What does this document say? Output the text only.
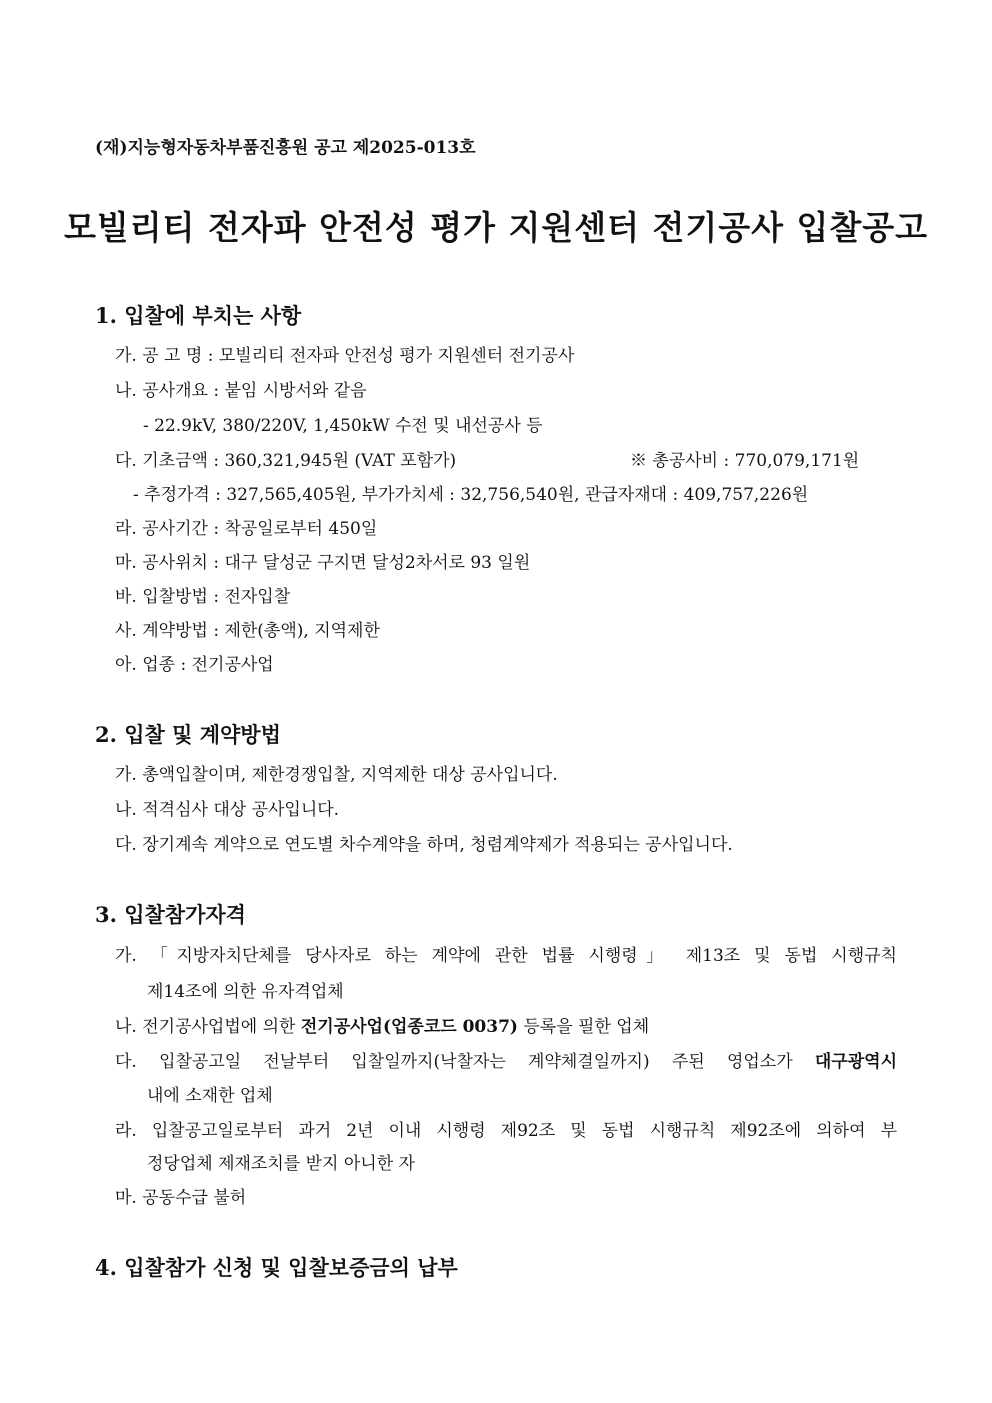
(재)지능형자동차부품진흥원 공고 제2025-013호
모빌리티 전자파 안전성 평가 지원센터 전기공사 입찰공고
1. 입찰에 부치는 사항
가. 공 고 명 : 모빌리티 전자파 안전성 평가 지원센터 전기공사
나. 공사개요 : 붙임 시방서와 같음
- 22.9kV, 380/220V, 1,450kW 수전 및 내선공사 등
다. 기초금액 : 360,321,945원 (VAT 포함가)	※ 총공사비 : 770,079,171원
- 추정가격 : 327,565,405원, 부가가치세 : 32,756,540원, 관급자재대 : 409,757,226원
라. 공사기간 : 착공일로부터 450일
마. 공사위치 : 대구 달성군 구지면 달성2차서로 93 일원
바. 입찰방법 : 전자입찰
사. 계약방법 : 제한(총액), 지역제한
아. 업종 : 전기공사업
2. 입찰 및 계약방법
가. 총액입찰이며, 제한경쟁입찰, 지역제한 대상 공사입니다.
나. 적격심사 대상 공사입니다.
다. 장기계속 계약으로 연도별 차수계약을 하며, 청렴계약제가 적용되는 공사입니다.
3. 입찰참가자격
가. 「지방자치단체를 당사자로 하는 계약에 관한 법률 시행령」 제13조 및 동법 시행규칙
제14조에 의한 유자격업체
나. 전기공사업법에 의한 전기공사업(업종코드 0037) 등록을 필한 업체
다. 입찰공고일 전날부터 입찰일까지(낙찰자는 계약체결일까지) 주된 영업소가 대구광역시
내에 소재한 업체
라. 입찰공고일로부터 과거 2년 이내 시행령 제92조 및 동법 시행규칙 제92조에 의하여 부
정당업체 제재조치를 받지 아니한 자
마. 공동수급 불허
4. 입찰참가 신청 및 입찰보증금의 납부
